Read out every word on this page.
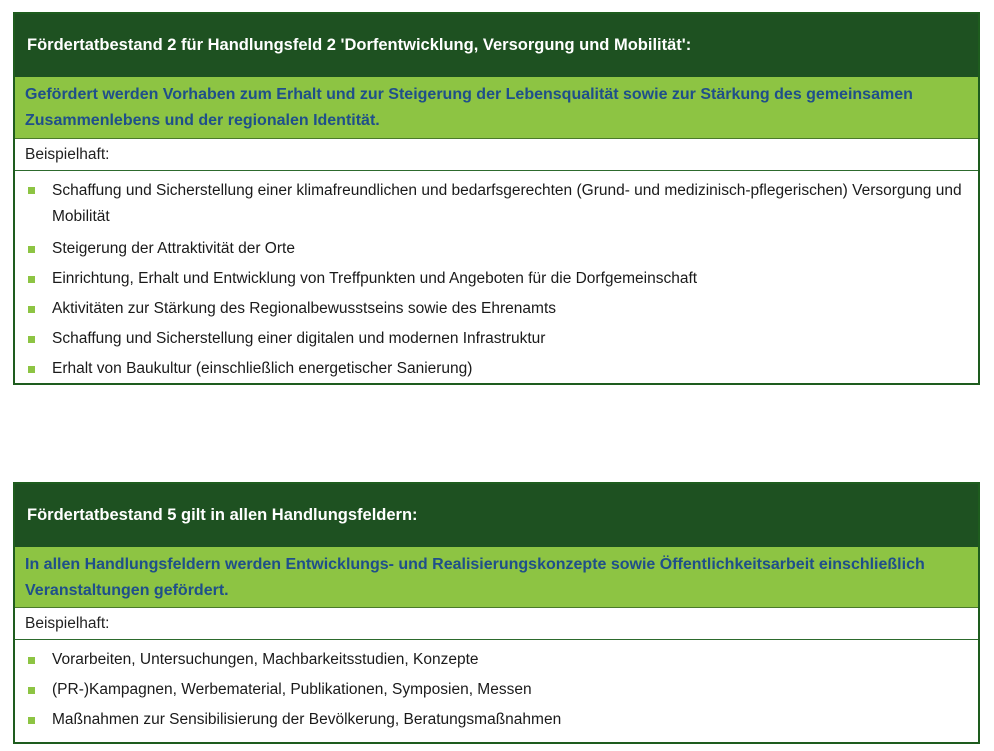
Fördertatbestand 2 für Handlungsfeld 2 'Dorfentwicklung, Versorgung und Mobilität':
Gefördert werden Vorhaben zum Erhalt und zur Steigerung der Lebensqualität sowie zur Stärkung des gemeinsamen Zusammenlebens und der regionalen Identität.
Beispielhaft:
Schaffung und Sicherstellung einer klimafreundlichen und bedarfsgerechten (Grund- und medizinisch-pflegerischen) Versorgung und Mobilität
Steigerung der Attraktivität der Orte
Einrichtung, Erhalt und Entwicklung von Treffpunkten und Angeboten für die Dorfgemeinschaft
Aktivitäten zur Stärkung des Regionalbewusstseins sowie des Ehrenamts
Schaffung und Sicherstellung einer digitalen und modernen Infrastruktur
Erhalt von Baukultur (einschließlich energetischer Sanierung)
Fördertatbestand 5 gilt in allen Handlungsfeldern:
In allen Handlungsfeldern werden Entwicklungs- und Realisierungskonzepte sowie Öffentlichkeitsarbeit einschließlich Veranstaltungen gefördert.
Beispielhaft:
Vorarbeiten, Untersuchungen, Machbarkeitsstudien, Konzepte
(PR-)Kampagnen, Werbematerial, Publikationen, Symposien, Messen
Maßnahmen zur Sensibilisierung der Bevölkerung, Beratungsmaßnahmen
